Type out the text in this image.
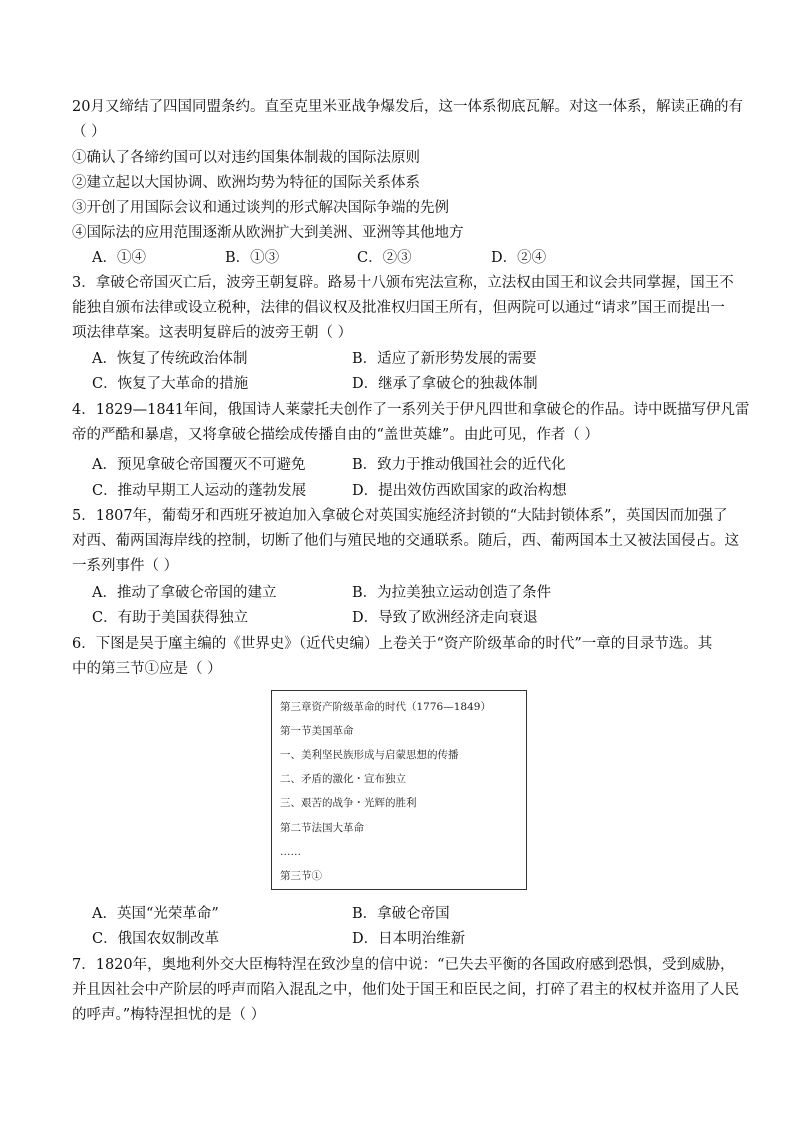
20月又缔结了四国同盟条约。直至克里米亚战争爆发后，这一体系彻底瓦解。对这一体系，解读正确的有
（ ）
①确认了各缔约国可以对违约国集体制裁的国际法原则
②建立起以大国协调、欧洲均势为特征的国际关系体系
③开创了用国际会议和通过谈判的形式解决国际争端的先例
④国际法的应用范围逐渐从欧洲扩大到美洲、亚洲等其他地方
A．①④	B．①③	C．②③	D．②④
3．拿破仑帝国灭亡后，波旁王朝复辟。路易十八颁布宪法宣称，立法权由国王和议会共同掌握，国王不
能独自颁布法律或设立税种，法律的倡议权及批准权归国王所有，但两院可以通过“请求”国王而提出一
项法律草案。这表明复辟后的波旁王朝（ ）
A．恢复了传统政治体制	B．适应了新形势发展的需要
C．恢复了大革命的措施	D．继承了拿破仑的独裁体制
4．1829—1841年间，俄国诗人莱蒙托夫创作了一系列关于伊凡四世和拿破仑的作品。诗中既描写伊凡雷
帝的严酷和暴虐，又将拿破仑描绘成传播自由的“盖世英雄”。由此可见，作者（ ）
A．预见拿破仑帝国覆灭不可避免	B．致力于推动俄国社会的近代化
C．推动早期工人运动的蓬勃发展	D．提出效仿西欧国家的政治构想
5．1807年，葡萄牙和西班牙被迫加入拿破仑对英国实施经济封锁的“大陆封锁体系”，英国因而加强了
对西、葡两国海岸线的控制，切断了他们与殖民地的交通联系。随后，西、葡两国本土又被法国侵占。这
一系列事件（ ）
A．推动了拿破仑帝国的建立	B．为拉美独立运动创造了条件
C．有助于美国获得独立	D．导致了欧洲经济走向衰退
6．下图是吴于廑主编的《世界史》（近代史编）上卷关于“资产阶级革命的时代”一章的目录节选。其
中的第三节①应是（ ）
第三章资产阶级革命的时代（1776—1849）
第一节美国革命
一、美利坚民族形成与启蒙思想的传播
二、矛盾的激化・宣布独立
三、艰苦的战争・光辉的胜利
第二节法国大革命
……
第三节①
A．英国“光荣革命”	B．拿破仑帝国
C．俄国农奴制改革	D．日本明治维新
7．1820年，奥地利外交大臣梅特涅在致沙皇的信中说：“已失去平衡的各国政府感到恐惧，受到威胁，
并且因社会中产阶层的呼声而陷入混乱之中，他们处于国王和臣民之间，打碎了君主的权杖并盗用了人民
的呼声。”梅特涅担忧的是（ ）
